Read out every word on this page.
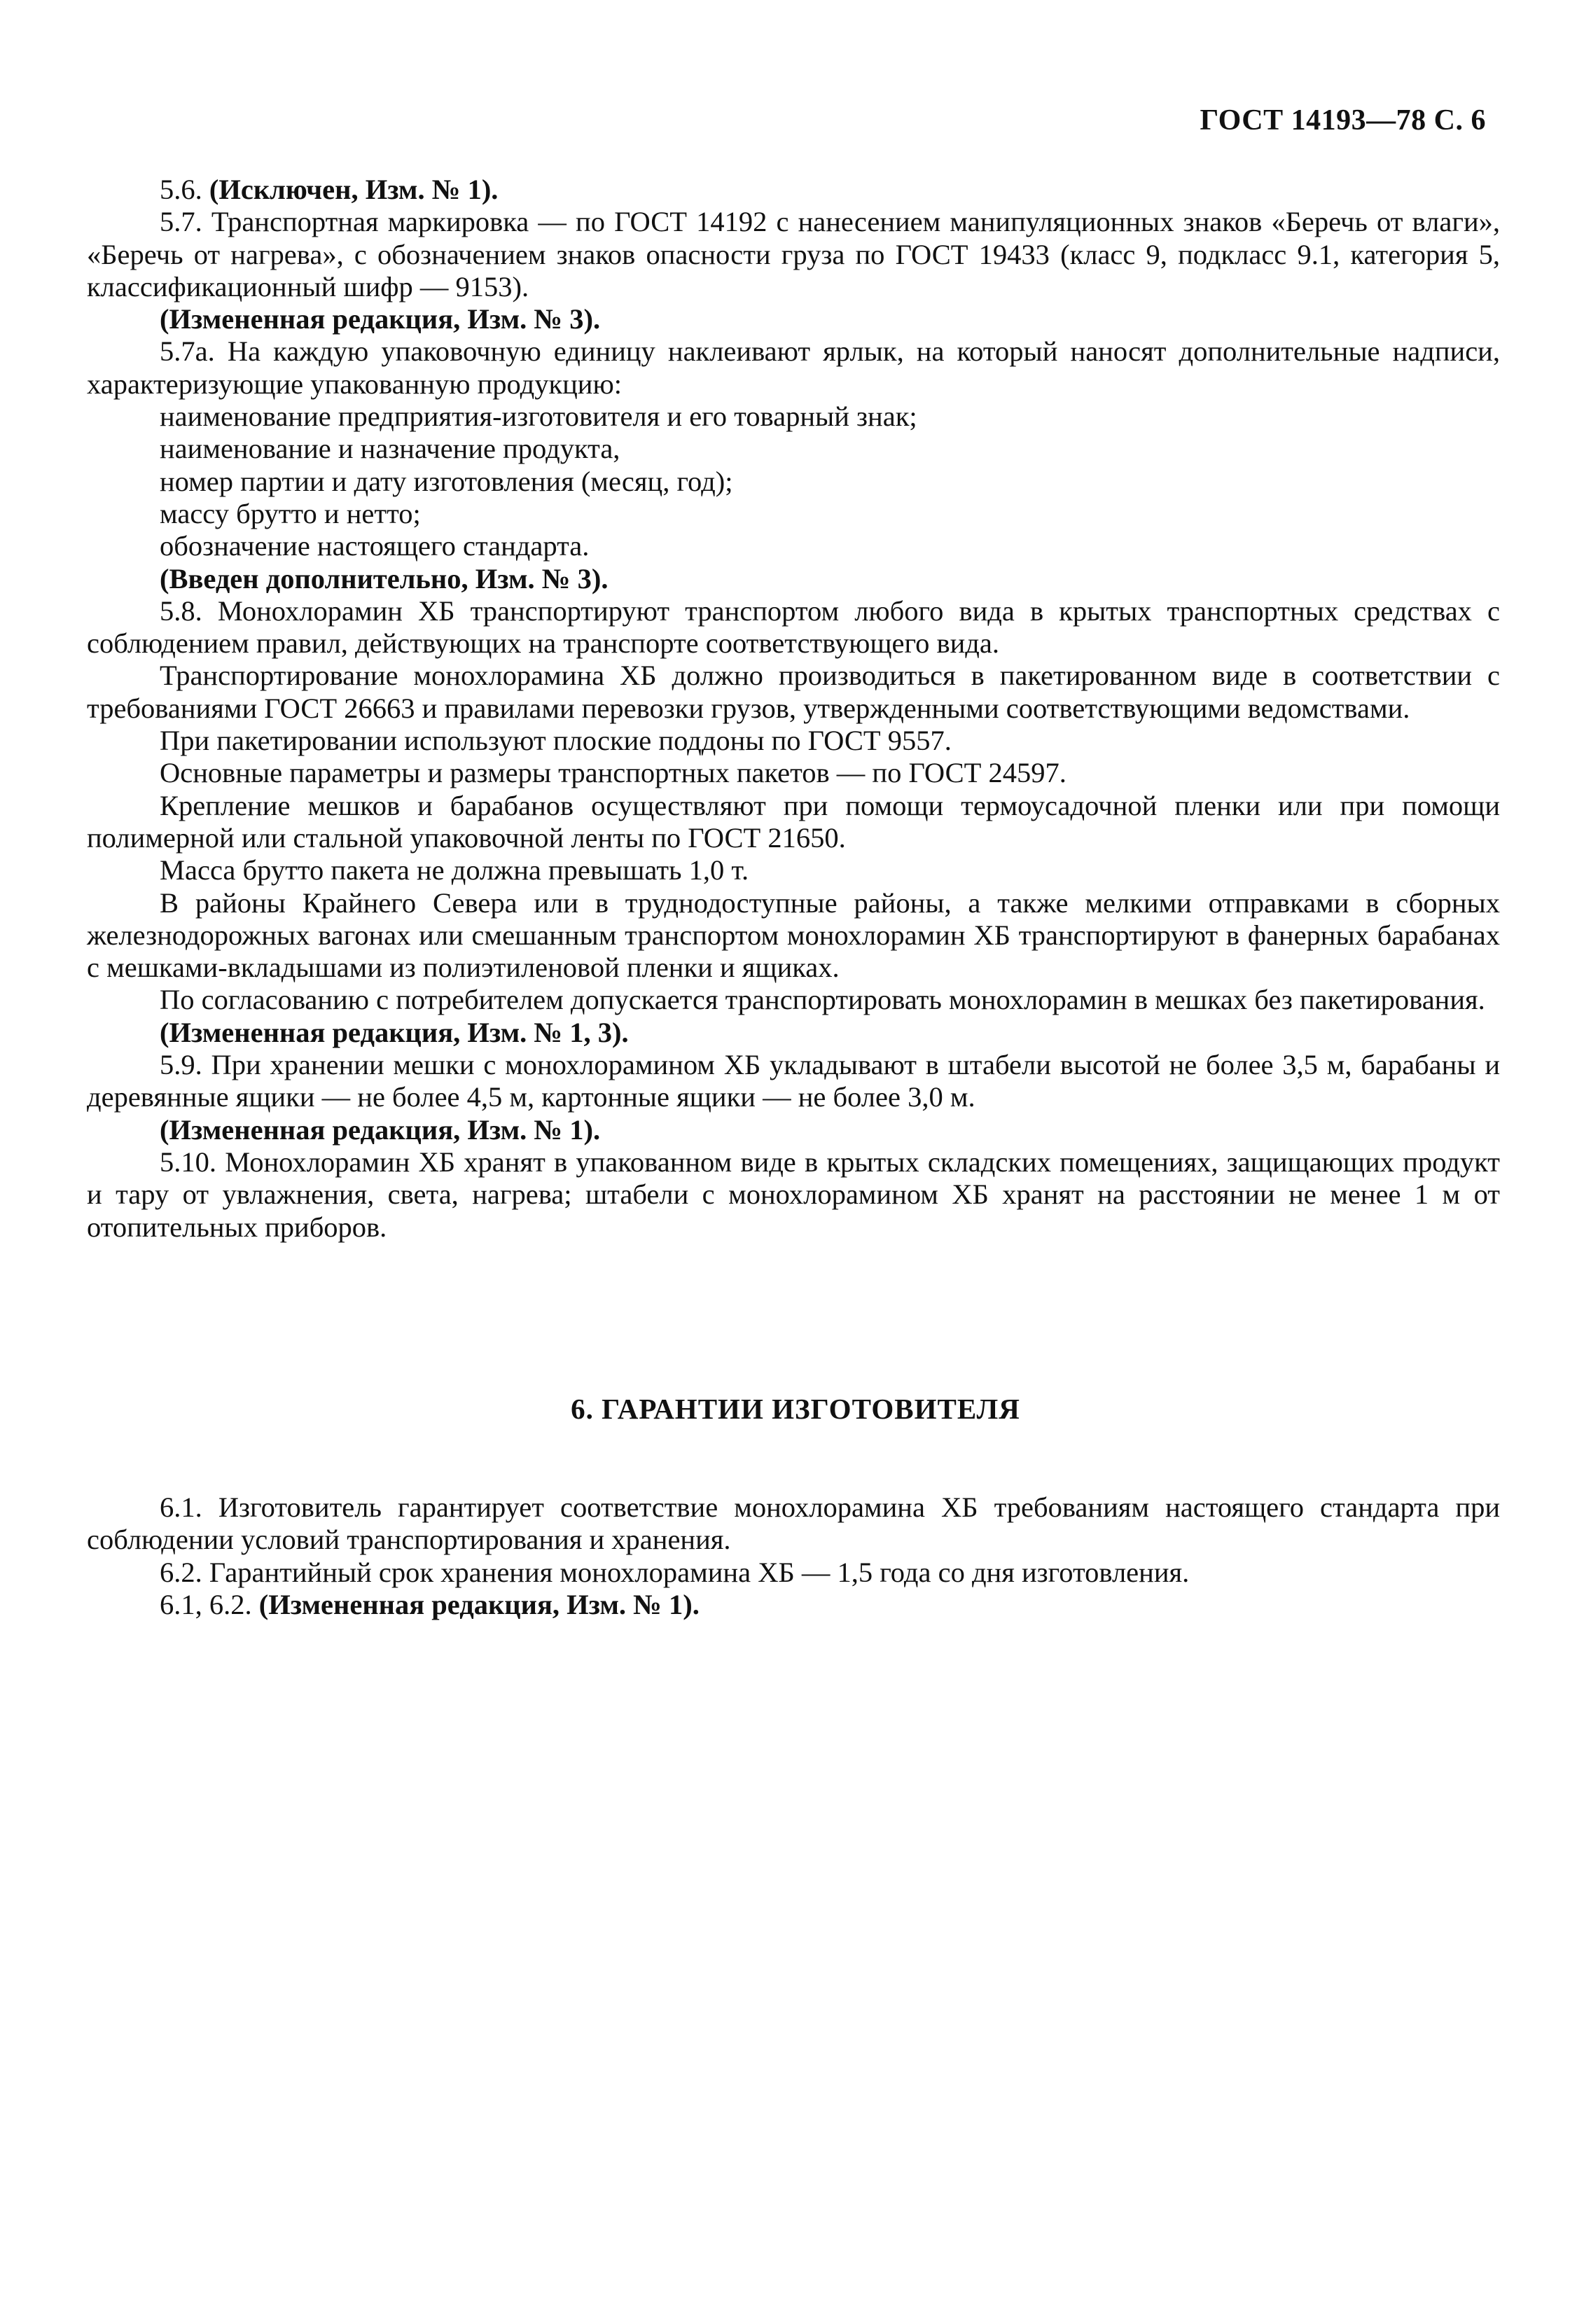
ГОСТ 14193—78 С. 6

5.6. (Исключен, Изм. № 1).

5.7. Транспортная маркировка — по ГОСТ 14192 с нанесением манипуляционных знаков «Беречь от влаги», «Беречь от нагрева», с обозначением знаков опасности груза по ГОСТ 19433 (класс 9, подкласс 9.1, категория 5, классификационный шифр — 9153).

(Измененная редакция, Изм. № 3).

5.7а. На каждую упаковочную единицу наклеивают ярлык, на который наносят дополнительные надписи, характеризующие упакованную продукцию:

наименование предприятия-изготовителя и его товарный знак;

наименование и назначение продукта,

номер партии и дату изготовления (месяц, год);

массу брутто и нетто;

обозначение настоящего стандарта.

(Введен дополнительно, Изм. № 3).

5.8. Монохлорамин ХБ транспортируют транспортом любого вида в крытых транспортных средствах с соблюдением правил, действующих на транспорте соответствующего вида.

Транспортирование монохлорамина ХБ должно производиться в пакетированном виде в соответствии с требованиями ГОСТ 26663 и правилами перевозки грузов, утвержденными соответствующими ведомствами.

При пакетировании используют плоские поддоны по ГОСТ 9557.

Основные параметры и размеры транспортных пакетов — по ГОСТ 24597.

Крепление мешков и барабанов осуществляют при помощи термоусадочной пленки или при помощи полимерной или стальной упаковочной ленты по ГОСТ 21650.

Масса брутто пакета не должна превышать 1,0 т.

В районы Крайнего Севера или в труднодоступные районы, а также мелкими отправками в сборных железнодорожных вагонах или смешанным транспортом монохлорамин ХБ транспортируют в фанерных барабанах с мешками-вкладышами из полиэтиленовой пленки и ящиках.

По согласованию с потребителем допускается транспортировать монохлорамин в мешках без пакетирования.

(Измененная редакция, Изм. № 1, 3).

5.9. При хранении мешки с монохлорамином ХБ укладывают в штабели высотой не более 3,5 м, барабаны и деревянные ящики — не более 4,5 м, картонные ящики — не более 3,0 м.

(Измененная редакция, Изм. № 1).

5.10. Монохлорамин ХБ хранят в упакованном виде в крытых складских помещениях, защищающих продукт и тару от увлажнения, света, нагрева; штабели с монохлорамином ХБ хранят на расстоянии не менее 1 м от отопительных приборов.

6. ГАРАНТИИ ИЗГОТОВИТЕЛЯ

6.1. Изготовитель гарантирует соответствие монохлорамина ХБ требованиям настоящего стандарта при соблюдении условий транспортирования и хранения.

6.2. Гарантийный срок хранения монохлорамина ХБ — 1,5 года со дня изготовления.

6.1, 6.2. (Измененная редакция, Изм. № 1).
